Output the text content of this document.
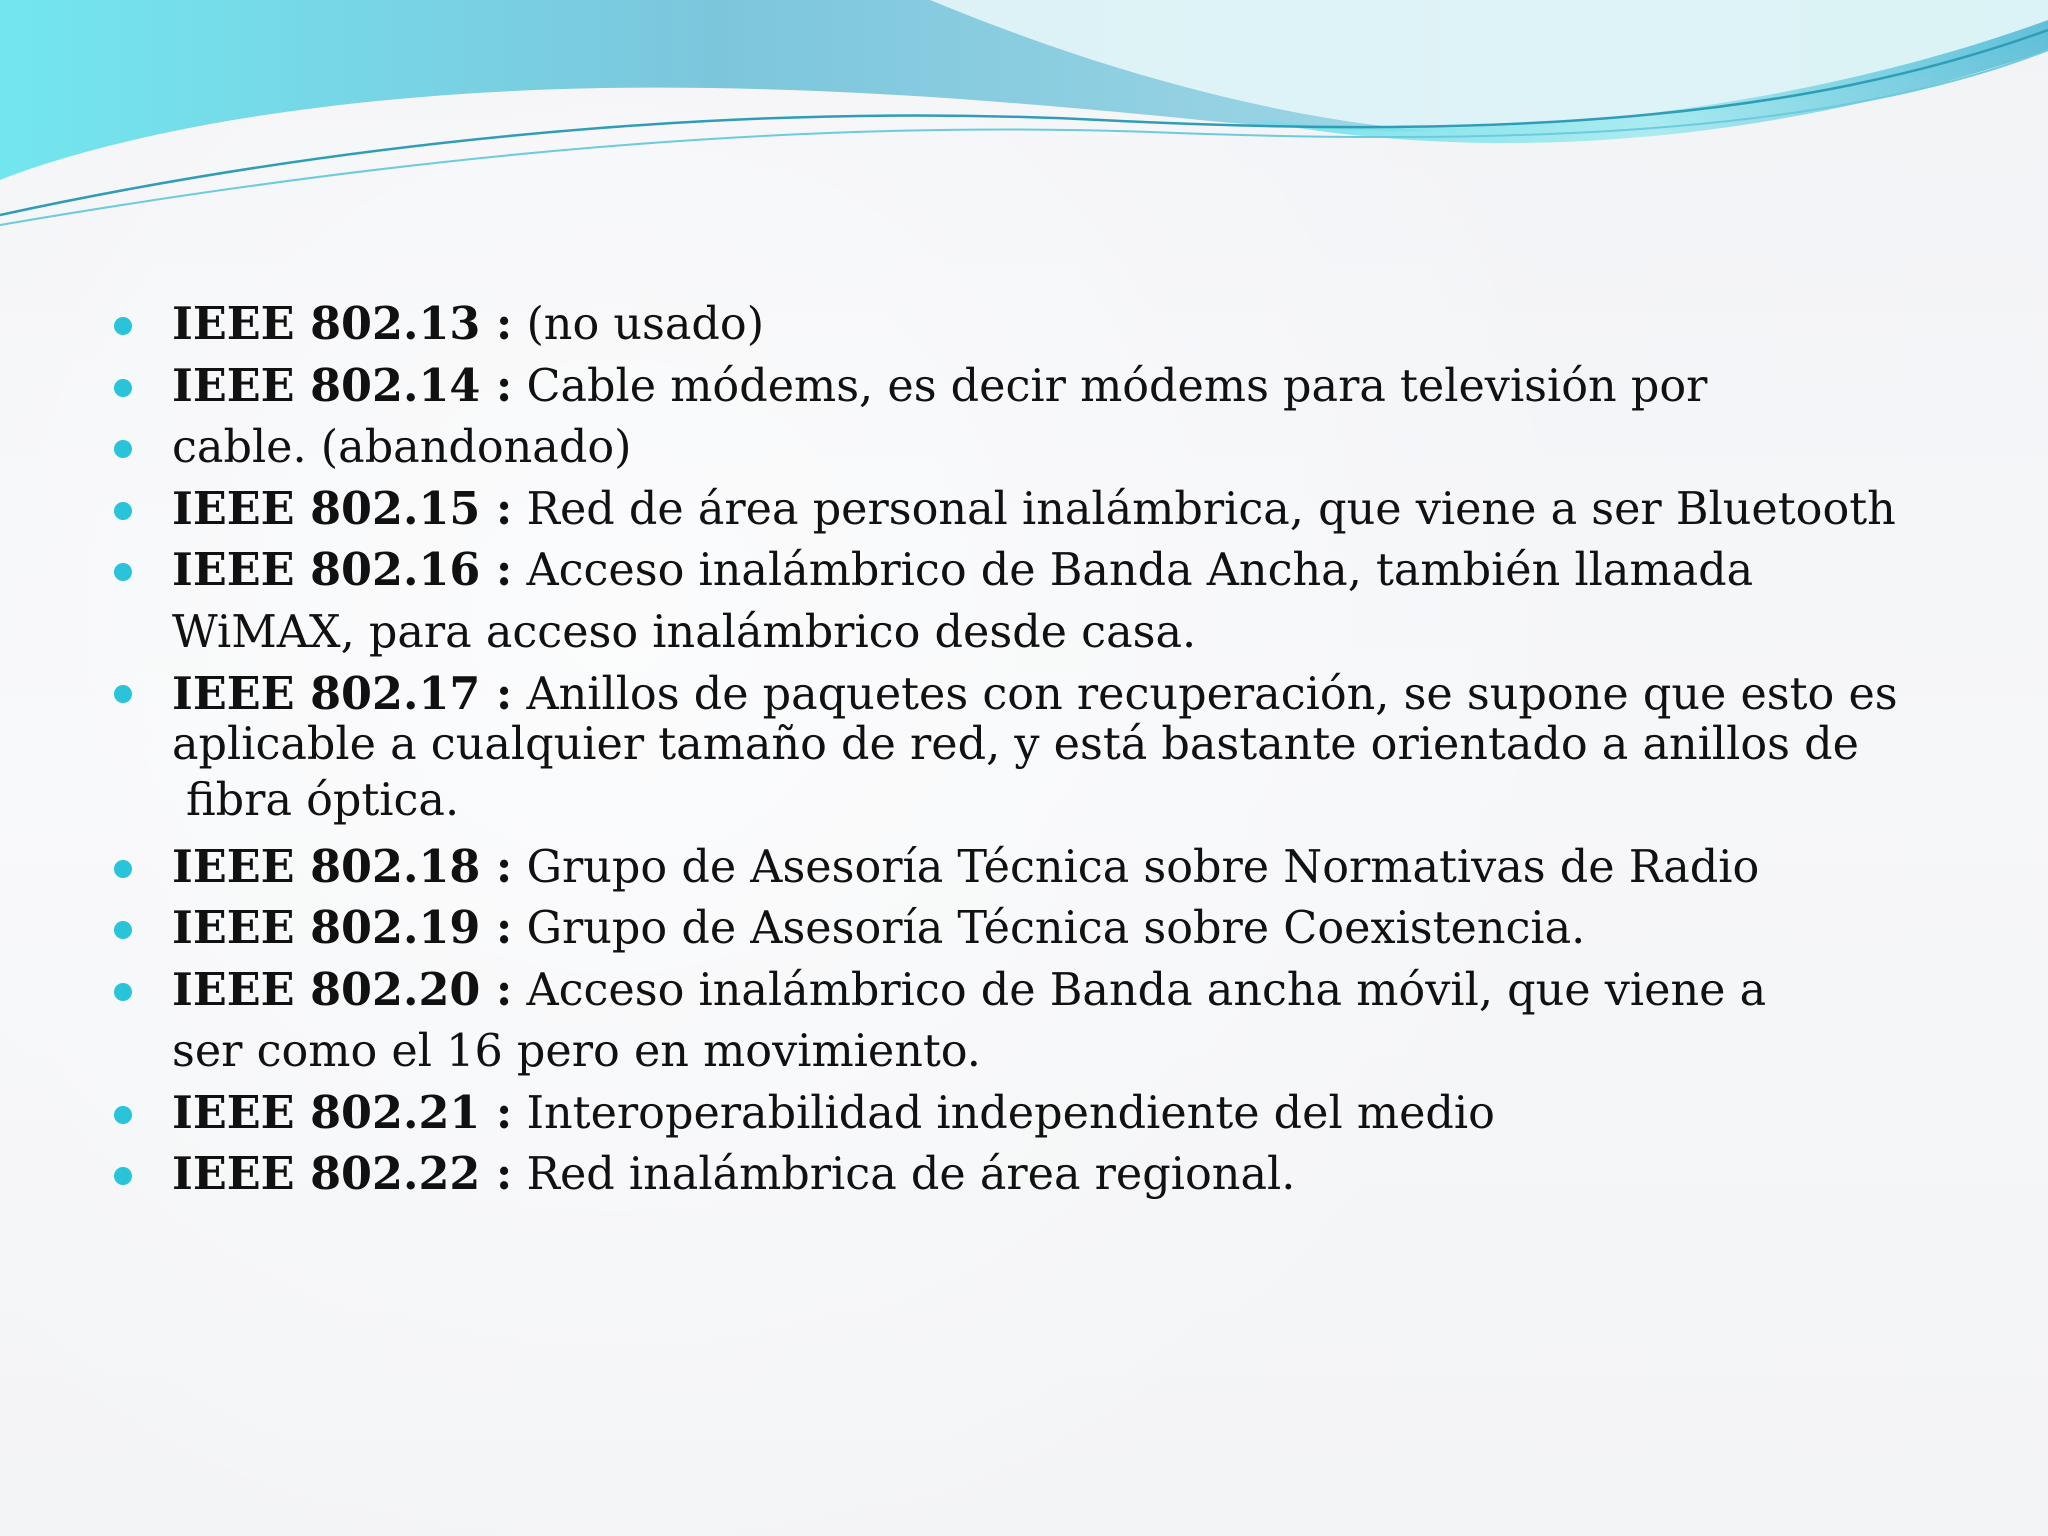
IEEE 802.13 : (no usado)
IEEE 802.14 : Cable módems, es decir módems para televisión por
cable. (abandonado)
IEEE 802.15 : Red de área personal inalámbrica, que viene a ser Bluetooth
IEEE 802.16 : Acceso inalámbrico de Banda Ancha, también llamada
WiMAX, para acceso inalámbrico desde casa.
IEEE 802.17 : Anillos de paquetes con recuperación, se supone que esto es
aplicable a cualquier tamaño de red, y está bastante orientado a anillos de
fibra óptica.
IEEE 802.18 : Grupo de Asesoría Técnica sobre Normativas de Radio
IEEE 802.19 : Grupo de Asesoría Técnica sobre Coexistencia.
IEEE 802.20 : Acceso inalámbrico de Banda ancha móvil, que viene a
ser como el 16 pero en movimiento.
IEEE 802.21 : Interoperabilidad independiente del medio
IEEE 802.22 : Red inalámbrica de área regional.
